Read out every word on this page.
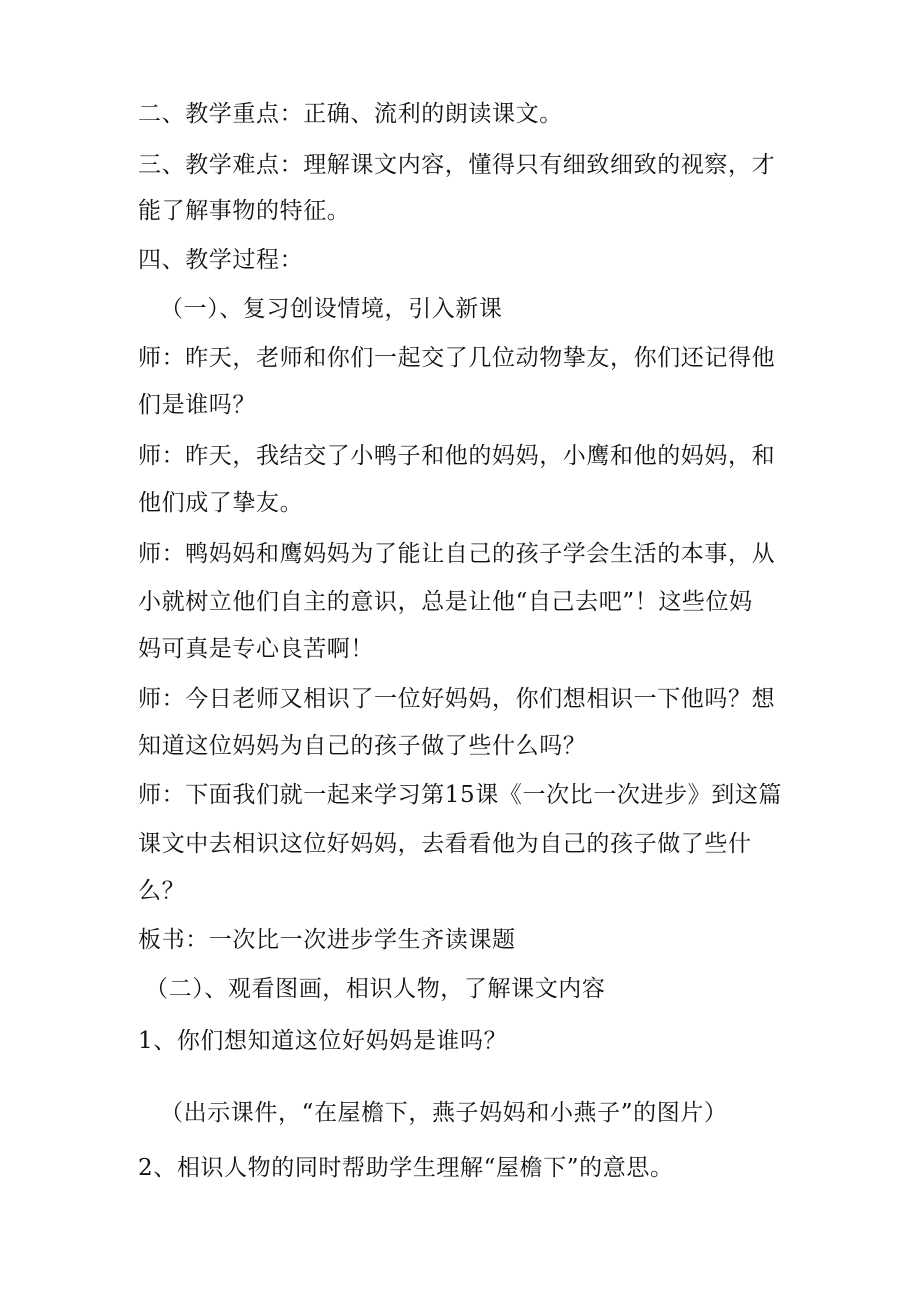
二、教学重点：正确、流利的朗读课文。
三、教学难点：理解课文内容，懂得只有细致细致的视察，才
能了解事物的特征。
四、教学过程：
（一）、复习创设情境，引入新课
师：昨天，老师和你们一起交了几位动物挚友，你们还记得他
们是谁吗？
师：昨天，我结交了小鸭子和他的妈妈，小鹰和他的妈妈，和
他们成了挚友。
师：鸭妈妈和鹰妈妈为了能让自己的孩子学会生活的本事，从
小就树立他们自主的意识，总是让他“自己去吧”！这些位妈
妈可真是专心良苦啊！
师：今日老师又相识了一位好妈妈，你们想相识一下他吗？想
知道这位妈妈为自己的孩子做了些什么吗？
师：下面我们就一起来学习第15课《一次比一次进步》到这篇
课文中去相识这位好妈妈，去看看他为自己的孩子做了些什
么？
板书：一次比一次进步学生齐读课题
（二）、观看图画，相识人物，了解课文内容
1、你们想知道这位好妈妈是谁吗？
（出示课件，“在屋檐下，燕子妈妈和小燕子”的图片）
2、相识人物的同时帮助学生理解“屋檐下”的意思。
